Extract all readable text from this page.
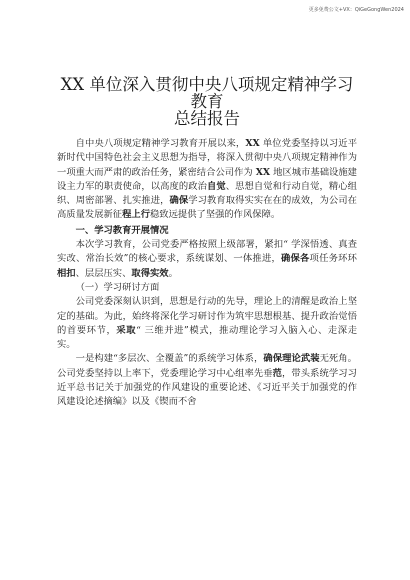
更多免费公文+VX：QiGeGongWen2024
XX 单位深入贯彻中央八项规定精神学习教育
总结报告

自中央八项规定精神学习教育开展以来，XX 单位党委坚持以习近平新时代中国特色社会主义思想为指导，将深入贯彻中央八项规定精神作为一项重大而严肃的政治任务，紧密结合公司作为 XX 地区城市基础设施建设主力军的职责使命，以高度的政治自觉、思想自觉和行动自觉，精心组织、周密部署、扎实推进，确保学习教育取得实实在在的成效，为公司在高质量发展新征程上行稳致远提供了坚强的作风保障。

一、学习教育开展情况

本次学习教育，公司党委严格按照上级部署，紧扣“ 学深悟透、真查实改、常治长效”的核心要求，系统谋划、一体推进，确保各项任务环环相扣、层层压实、取得实效。

（一）学习研讨方面

公司党委深刻认识到，思想是行动的先导，理论上的清醒是政治上坚定的基础。为此，始终将深化学习研讨作为筑牢思想根基、提升政治觉悟的首要环节，采取“ 三维并进”模式，推动理论学习入脑入心、走深走实。

一是构建“多层次、全覆盖”的系统学习体系，确保理论武装无死角。公司党委坚持以上率下，党委理论学习中心组率先垂范，带头系统学习习近平总书记关于加强党的作风建设的重要论述、《习近平关于加强党的作风建设论述摘编》以及《锲而不舍
